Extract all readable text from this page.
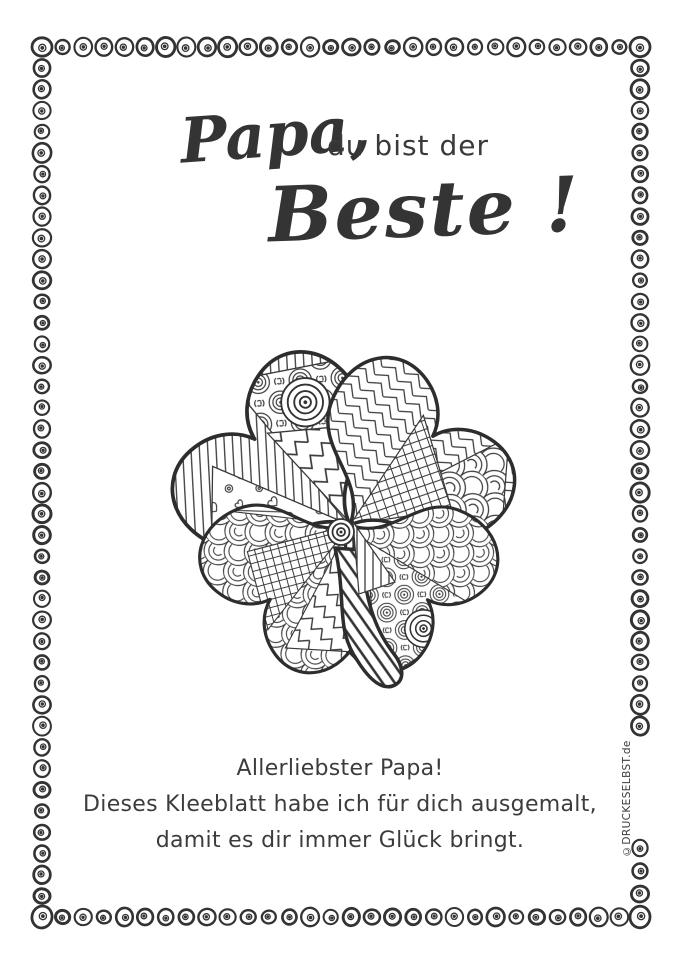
Papa,
du bist der
Beste !
Allerliebster Papa!
Dieses Kleeblatt habe ich für dich ausgemalt,
damit es dir immer Glück bringt.	©DRUCKESELBST.de
